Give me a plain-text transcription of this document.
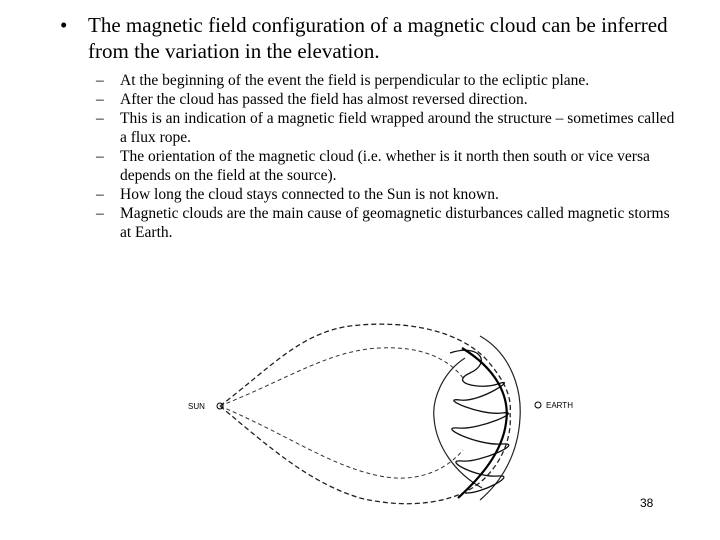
• The magnetic field configuration of a magnetic cloud can be inferred from the variation in the elevation.
– At the beginning of the event the field is perpendicular to the ecliptic plane.
– After the cloud has passed the field has almost reversed direction.
– This is an indication of a magnetic field wrapped around the structure – sometimes called a flux rope.
– The orientation of the magnetic cloud (i.e. whether is it north then south or vice versa depends on the field at the source).
– How long the cloud stays connected to the Sun is not known.
– Magnetic clouds are the main cause of geomagnetic disturbances called magnetic storms at Earth.
SUN	EARTH
38
